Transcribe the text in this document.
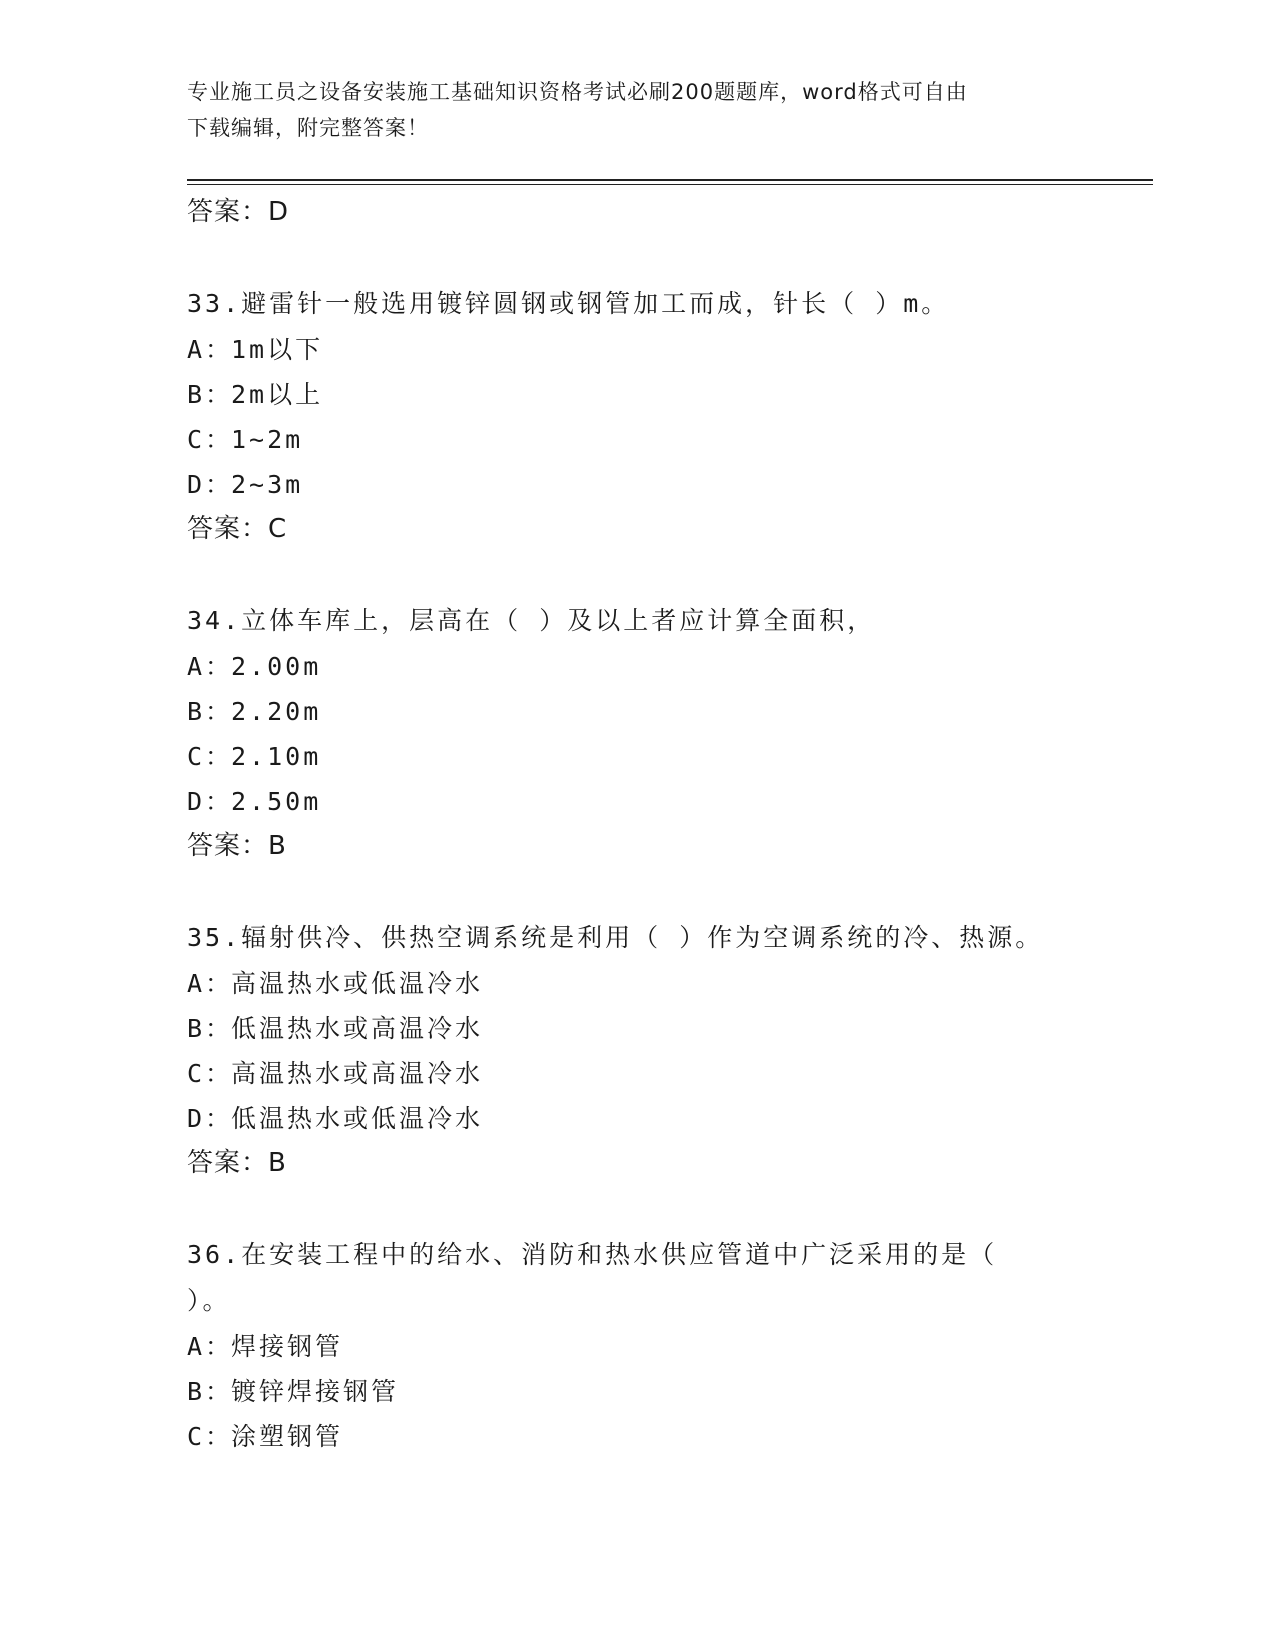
专业施工员之设备安装施工基础知识资格考试必刷200题题库，word格式可自由
下载编辑，附完整答案！
答案：D
33.避雷针一般选用镀锌圆钢或钢管加工而成，针长（ ）m。
A：1m以下
B：2m以上
C：1~2m
D：2~3m
答案：C
34.立体车库上，层高在（ ）及以上者应计算全面积，
A：2.00m
B：2.20m
C：2.10m
D：2.50m
答案：B
35.辐射供冷、供热空调系统是利用（ ）作为空调系统的冷、热源。
A：高温热水或低温冷水
B：低温热水或高温冷水
C：高温热水或高温冷水
D：低温热水或低温冷水
答案：B
36.在安装工程中的给水、消防和热水供应管道中广泛采用的是（ ）。
A：焊接钢管
B：镀锌焊接钢管
C：涂塑钢管
